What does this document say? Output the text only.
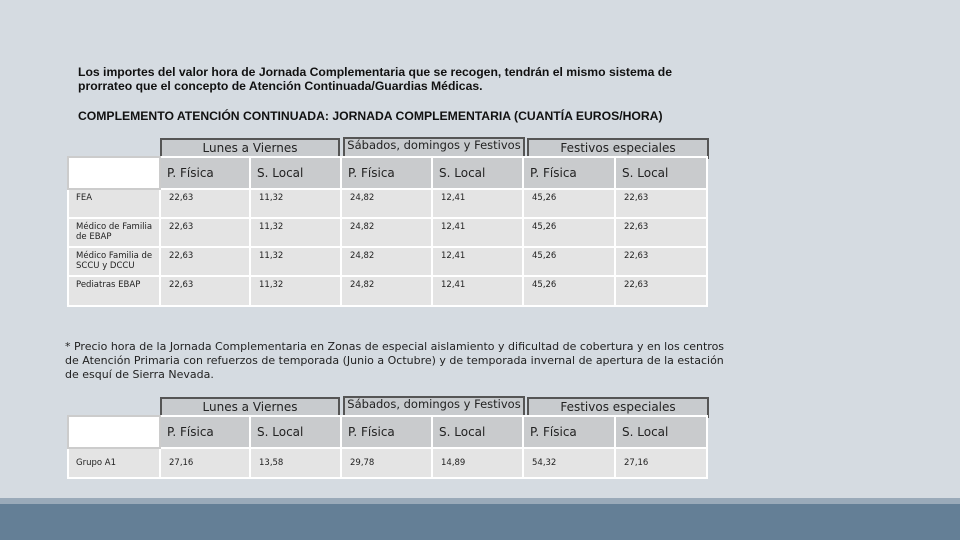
Los importes del valor hora de Jornada Complementaria que se recogen, tendrán el mismo sistema de prorrateo que el concepto de Atención Continuada/Guardias Médicas.
COMPLEMENTO ATENCIÓN CONTINUADA: JORNADA COMPLEMENTARIA (CUANTÍA EUROS/HORA)
Lunes a Viernes	Sábados, domingos y Festivos	Festivos especiales
	P. Física	S. Local	P. Física	S. Local	P. Física	S. Local
FEA	22,63	11,32	24,82	12,41	45,26	22,63
Médico de Familia de EBAP	22,63	11,32	24,82	12,41	45,26	22,63
Médico Familia de SCCU y DCCU	22,63	11,32	24,82	12,41	45,26	22,63
Pediatras EBAP	22,63	11,32	24,82	12,41	45,26	22,63
* Precio hora de la Jornada Complementaria en Zonas de especial aislamiento y dificultad de cobertura y en los centros de Atención Primaria con refuerzos de temporada (Junio a Octubre) y de temporada invernal de apertura de la estación de esquí de Sierra Nevada.
Lunes a Viernes	Sábados, domingos y Festivos	Festivos especiales
	P. Física	S. Local	P. Física	S. Local	P. Física	S. Local
Grupo A1	27,16	13,58	29,78	14,89	54,32	27,16
